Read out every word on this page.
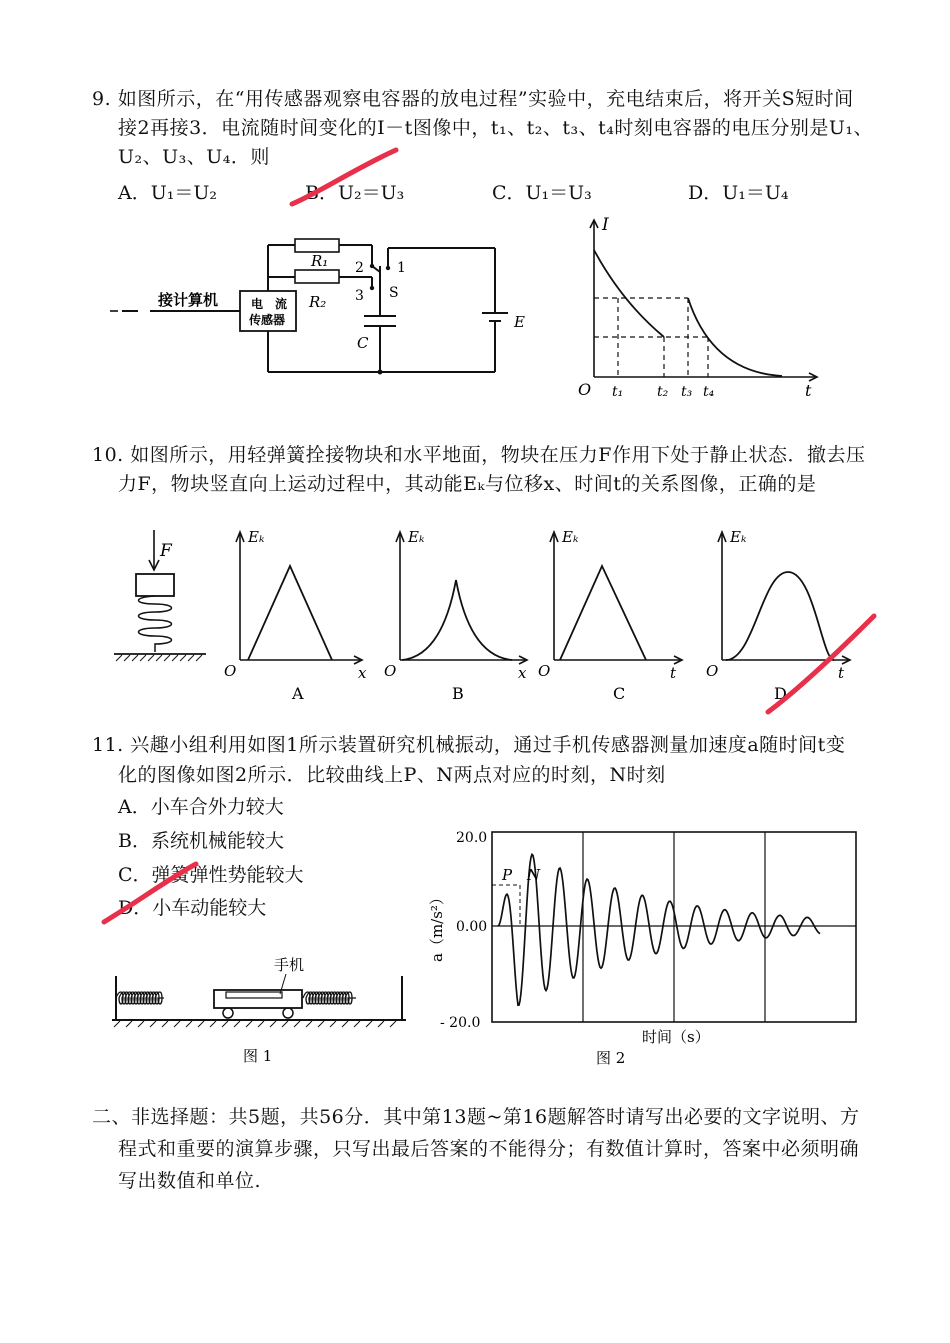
9. 如图所示，在“用传感器观察电容器的放电过程”实验中，充电结束后，将开关S短时间
接2再接3．电流随时间变化的I－t图像中，t₁、t₂、t₃、t₄时刻电容器的电压分别是U₁、
U₂、U₃、U₄．则
A．U₁＝U₂	B．U₂＝U₃	C．U₁＝U₃	D．U₁＝U₄
接计算机	电　流
传感器
R₁
R₂
2
3
1
S
C
E
I
O t₁ t₂ t₃ t₄	t
10. 如图所示，用轻弹簧拴接物块和水平地面，物块在压力F作用下处于静止状态．撤去压
力F，物块竖直向上运动过程中，其动能Eₖ与位移x、时间t的关系图像，正确的是
F
Eₖ	Eₖ	Eₖ	Eₖ
O	O	O	O
x	x	t	t
A	B	C	D
11. 兴趣小组利用如图1所示装置研究机械振动，通过手机传感器测量加速度a随时间t变
化的图像如图2所示．比较曲线上P、N两点对应的时刻，N时刻
A．小车合外力较大
B．系统机械能较大
C．弹簧弹性势能较大
D．小车动能较大
手机
图 1
20.0
0.00
- 20.0
a（m/s²）
P N
时间（s）
图 2
二、非选择题：共5题，共56分．其中第13题~第16题解答时请写出必要的文字说明、方
程式和重要的演算步骤，只写出最后答案的不能得分；有数值计算时，答案中必须明确
写出数值和单位.
